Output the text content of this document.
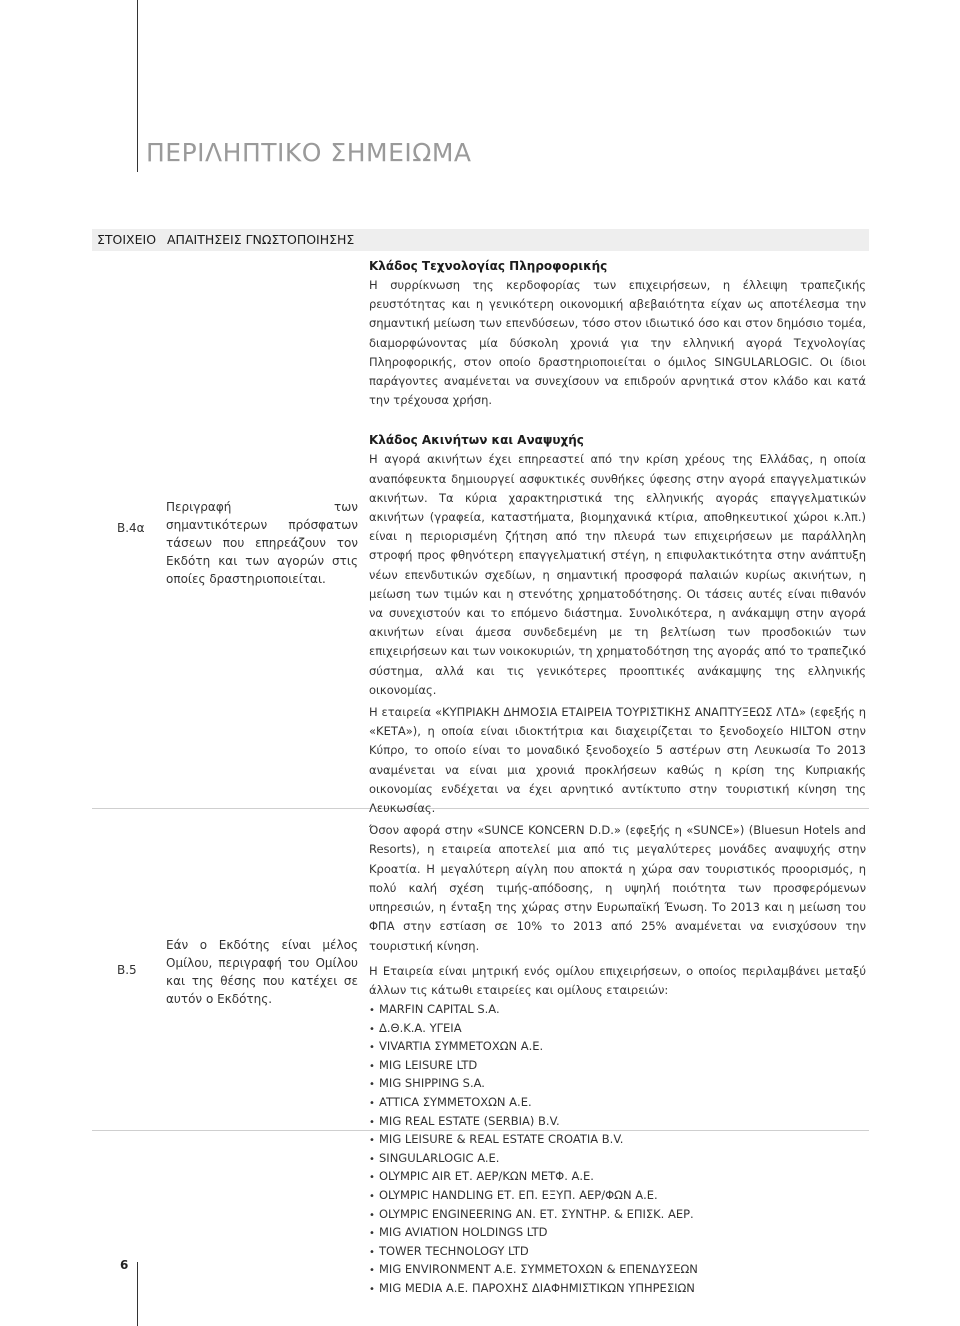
ΠΕΡΙΛΗΠΤΙΚΟ ΣΗΜΕΙΩΜΑ
ΣΤΟΙΧΕΙΟ ΑΠΑΙΤΗΣΕΙΣ ΓΝΩΣΤΟΠΟΙΗΣΗΣ
B.4α

Περιγραφή των σημαντικότερων πρόσφατων τάσεων που επηρεάζουν τον Εκδότη και των αγορών στις οποίες δραστηριοποιείται.

B.5

Εάν ο Εκδότης είναι μέλος Ομίλου, περιγραφή του Ομίλου και της θέσης που κατέχει σε αυτόν ο Εκδότης.

Κλάδος Τεχνολογίας Πληροφορικής

Η συρρίκνωση της κερδοφορίας των επιχειρήσεων, η έλλειψη τραπεζικής ρευστότητας και η γενικότερη οικονομική αβεβαιότητα είχαν ως αποτέλεσμα την σημαντική μείωση των επενδύσεων, τόσο στον ιδιωτικό όσο και στον δημόσιο τομέα, διαμορφώνοντας μία δύσκολη χρονιά για την ελληνική αγορά Τεχνολογίας Πληροφορικής, στον οποίο δραστηριοποιείται ο όμιλος SINGULARLOGIC. Οι ίδιοι παράγοντες αναμένεται να συνεχίσουν να επιδρούν αρνητικά στον κλάδο και κατά την τρέχουσα χρήση.

Κλάδος Ακινήτων και Αναψυχής

Η αγορά ακινήτων έχει επηρεαστεί από την κρίση χρέους της Ελλάδας, η οποία αναπόφευκτα δημιουργεί ασφυκτικές συνθήκες ύφεσης στην αγορά επαγγελματικών ακινήτων. Τα κύρια χαρακτηριστικά της ελληνικής αγοράς επαγγελματικών ακινήτων (γραφεία, καταστήματα, βιομηχανικά κτίρια, αποθηκευτικοί χώροι κ.λπ.) είναι η περιορισμένη ζήτηση από την πλευρά των επιχειρήσεων με παράλληλη στροφή προς φθηνότερη επαγγελματική στέγη, η επιφυλακτικότητα στην ανάπτυξη νέων επενδυτικών σχεδίων, η σημαντική προσφορά παλαιών κυρίως ακινήτων, η μείωση των τιμών και η στενότης χρηματοδότησης. Οι τάσεις αυτές είναι πιθανόν να συνεχιστούν και το επόμενο διάστημα. Συνολικότερα, η ανάκαμψη στην αγορά ακινήτων είναι άμεσα συνδεδεμένη με τη βελτίωση των προσδοκιών των επιχειρήσεων και των νοικοκυριών, τη χρηματοδότηση της αγοράς από το τραπεζικό σύστημα, αλλά και τις γενικότερες προοπτικές ανάκαμψης της ελληνικής οικονομίας.

Η εταιρεία «ΚΥΠΡΙΑΚΗ ΔΗΜΟΣΙΑ ΕΤΑΙΡΕΙΑ ΤΟΥΡΙΣΤΙΚΗΣ ΑΝΑΠΤΥΞΕΩΣ ΛΤΔ» (εφεξής η «ΚΕΤΑ»), η οποία είναι ιδιοκτήτρια και διαχειρίζεται το ξενοδοχείο HILTON στην Κύπρο, το οποίο είναι το μοναδικό ξενοδοχείο 5 αστέρων στη Λευκωσία Το 2013 αναμένεται να είναι μια χρονιά προκλήσεων καθώς η κρίση της Κυπριακής οικονομίας ενδέχεται να έχει αρνητικό αντίκτυπο στην τουριστική κίνηση της Λευκωσίας.

Όσον αφορά στην «SUNCE KONCERN D.D.» (εφεξής η «SUNCE») (Bluesun Hotels and Resorts), η εταιρεία αποτελεί μια από τις μεγαλύτερες μονάδες αναψυχής στην Κροατία. Η μεγαλύτερη αίγλη που αποκτά η χώρα σαν τουριστικός προορισμός, η πολύ καλή σχέση τιμής-απόδοσης, η υψηλή ποιότητα των προσφερόμενων υπηρεσιών, η ένταξη της χώρας στην Ευρωπαϊκή Ένωση. Το 2013 και η μείωση του ΦΠΑ στην εστίαση σε 10% το 2013 από 25% αναμένεται να ενισχύσουν την τουριστική κίνηση.

Η Εταιρεία είναι μητρική ενός ομίλου επιχειρήσεων, ο οποίος περιλαμβάνει μεταξύ άλλων τις κάτωθι εταιρείες και ομίλους εταιρειών:

• MARFIN CAPITAL S.A.
• Δ.Θ.Κ.Α. ΥΓΕΙΑ
• VIVARTIA ΣΥΜΜΕΤΟΧΩΝ Α.Ε.
• MIG LEISURE LTD
• MIG SHIPPING S.A.
• ATTICA ΣΥΜΜΕΤΟΧΩΝ Α.Ε.
• MIG REAL ESTATE (SERBIA) B.V.
• MIG LEISURE & REAL ESTATE CROATIA B.V.
• SINGULARLOGIC A.E.
• OLYMPIC AIR ΕΤ. ΑΕΡ/ΚΩΝ ΜΕΤΦ. Α.Ε.
• OLYMPIC HANDLING ΕΤ. ΕΠ. ΕΞΥΠ. ΑΕΡ/ΦΩΝ Α.Ε.
• OLYMPIC ENGINEERING ΑΝ. ΕΤ. ΣΥΝΤΗΡ. & ΕΠΙΣΚ. ΑΕΡ.
• MIG AVIATION HOLDINGS LTD
• TOWER TECHNOLOGY LTD
• MIG ENVIRONMENT Α.Ε. ΣΥΜΜΕΤΟΧΩΝ & ΕΠΕΝΔΥΣΕΩΝ
• MIG MEDIA Α.Ε. ΠΑΡΟΧΗΣ ΔΙΑΦΗΜΙΣΤΙΚΩΝ ΥΠΗΡΕΣΙΩΝ
6
